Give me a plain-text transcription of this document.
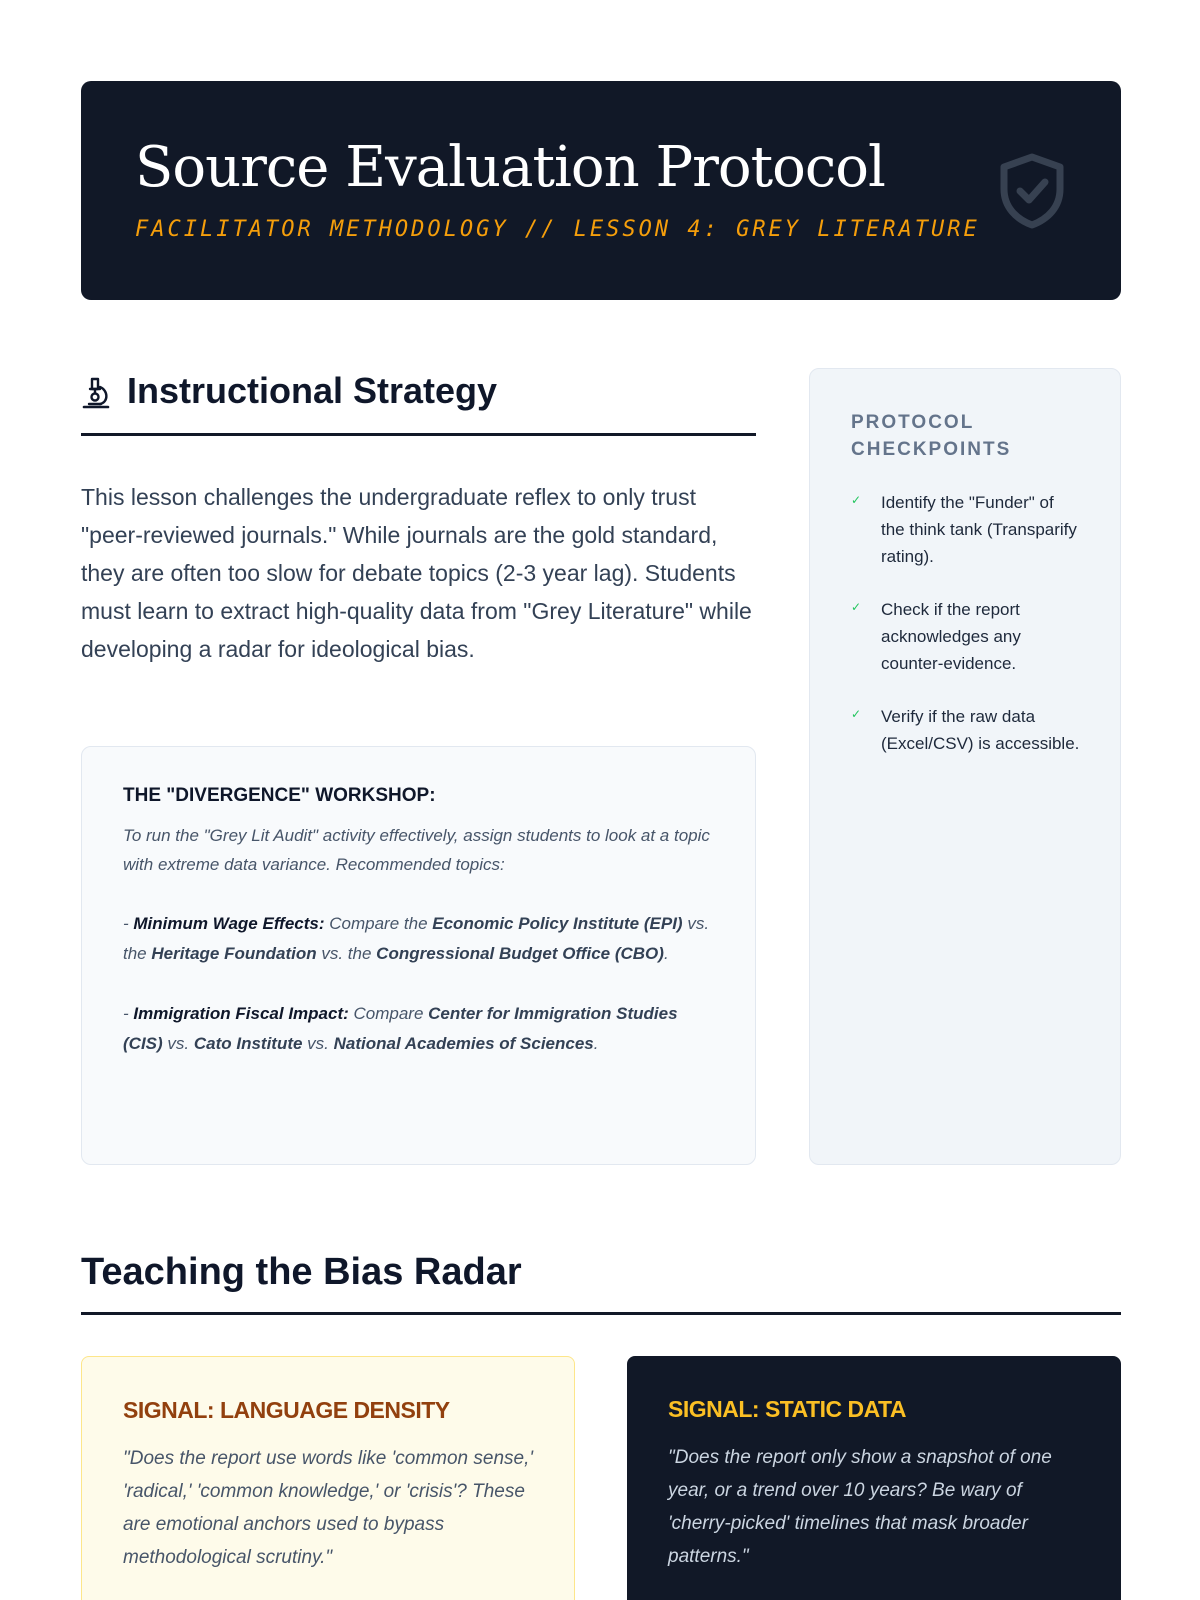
Source Evaluation Protocol
FACILITATOR METHODOLOGY // LESSON 4: GREY LITERATURE
Instructional Strategy

This lesson challenges the undergraduate reflex to only trust "peer-reviewed journals." While journals are the gold standard, they are often too slow for debate topics (2-3 year lag). Students must learn to extract high-quality data from "Grey Literature" while developing a radar for ideological bias.

THE "DIVERGENCE" WORKSHOP:

To run the "Grey Lit Audit" activity effectively, assign students to look at a topic with extreme data variance. Recommended topics:

- Minimum Wage Effects: Compare the Economic Policy Institute (EPI) vs. the Heritage Foundation vs. the Congressional Budget Office (CBO).

- Immigration Fiscal Impact: Compare Center for Immigration Studies (CIS) vs. Cato Institute vs. National Academies of Sciences.

PROTOCOL CHECKPOINTS
✓ Identify the "Funder" of the think tank (Transparify rating).
✓ Check if the report acknowledges any counter-evidence.
✓ Verify if the raw data (Excel/CSV) is accessible.
Teaching the Bias Radar

SIGNAL: LANGUAGE DENSITY

"Does the report use words like 'common sense,' 'radical,' 'common knowledge,' or 'crisis'? These are emotional anchors used to bypass methodological scrutiny."

SIGNAL: STATIC DATA

"Does the report only show a snapshot of one year, or a trend over 10 years? Be wary of 'cherry-picked' timelines that mask broader patterns."
